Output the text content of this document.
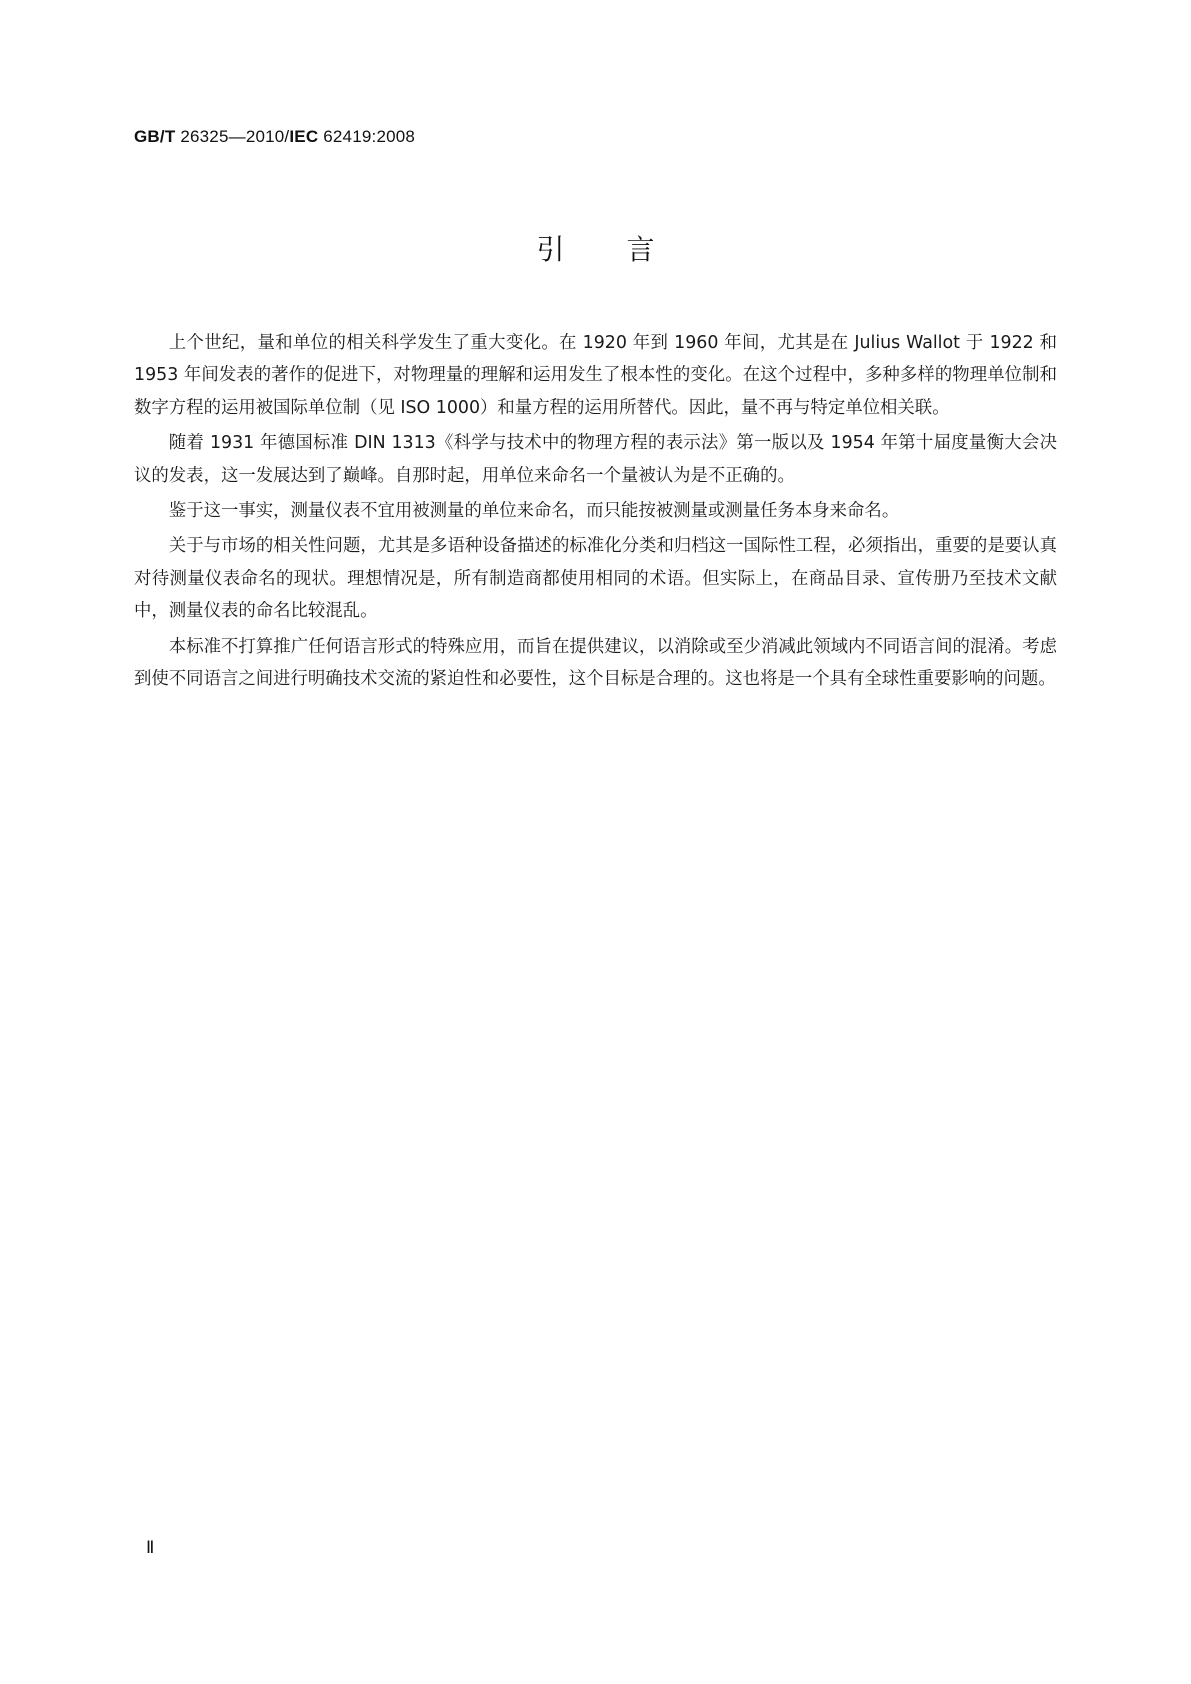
GB/T 26325—2010/IEC 62419:2008
引言

上个世纪，量和单位的相关科学发生了重大变化。在 1920 年到 1960 年间，尤其是在 Julius Wallot 于 1922 和 1953 年间发表的著作的促进下，对物理量的理解和运用发生了根本性的变化。在这个过程中，多种多样的物理单位制和数字方程的运用被国际单位制（见 ISO 1000）和量方程的运用所替代。因此，量不再与特定单位相关联。

随着 1931 年德国标准 DIN 1313《科学与技术中的物理方程的表示法》第一版以及 1954 年第十届度量衡大会决议的发表，这一发展达到了巅峰。自那时起，用单位来命名一个量被认为是不正确的。

鉴于这一事实，测量仪表不宜用被测量的单位来命名，而只能按被测量或测量任务本身来命名。

关于与市场的相关性问题，尤其是多语种设备描述的标准化分类和归档这一国际性工程，必须指出，重要的是要认真对待测量仪表命名的现状。理想情况是，所有制造商都使用相同的术语。但实际上，在商品目录、宣传册乃至技术文献中，测量仪表的命名比较混乱。

本标准不打算推广任何语言形式的特殊应用，而旨在提供建议，以消除或至少消减此领域内不同语言间的混淆。考虑到使不同语言之间进行明确技术交流的紧迫性和必要性，这个目标是合理的。这也将是一个具有全球性重要影响的问题。

Ⅱ
